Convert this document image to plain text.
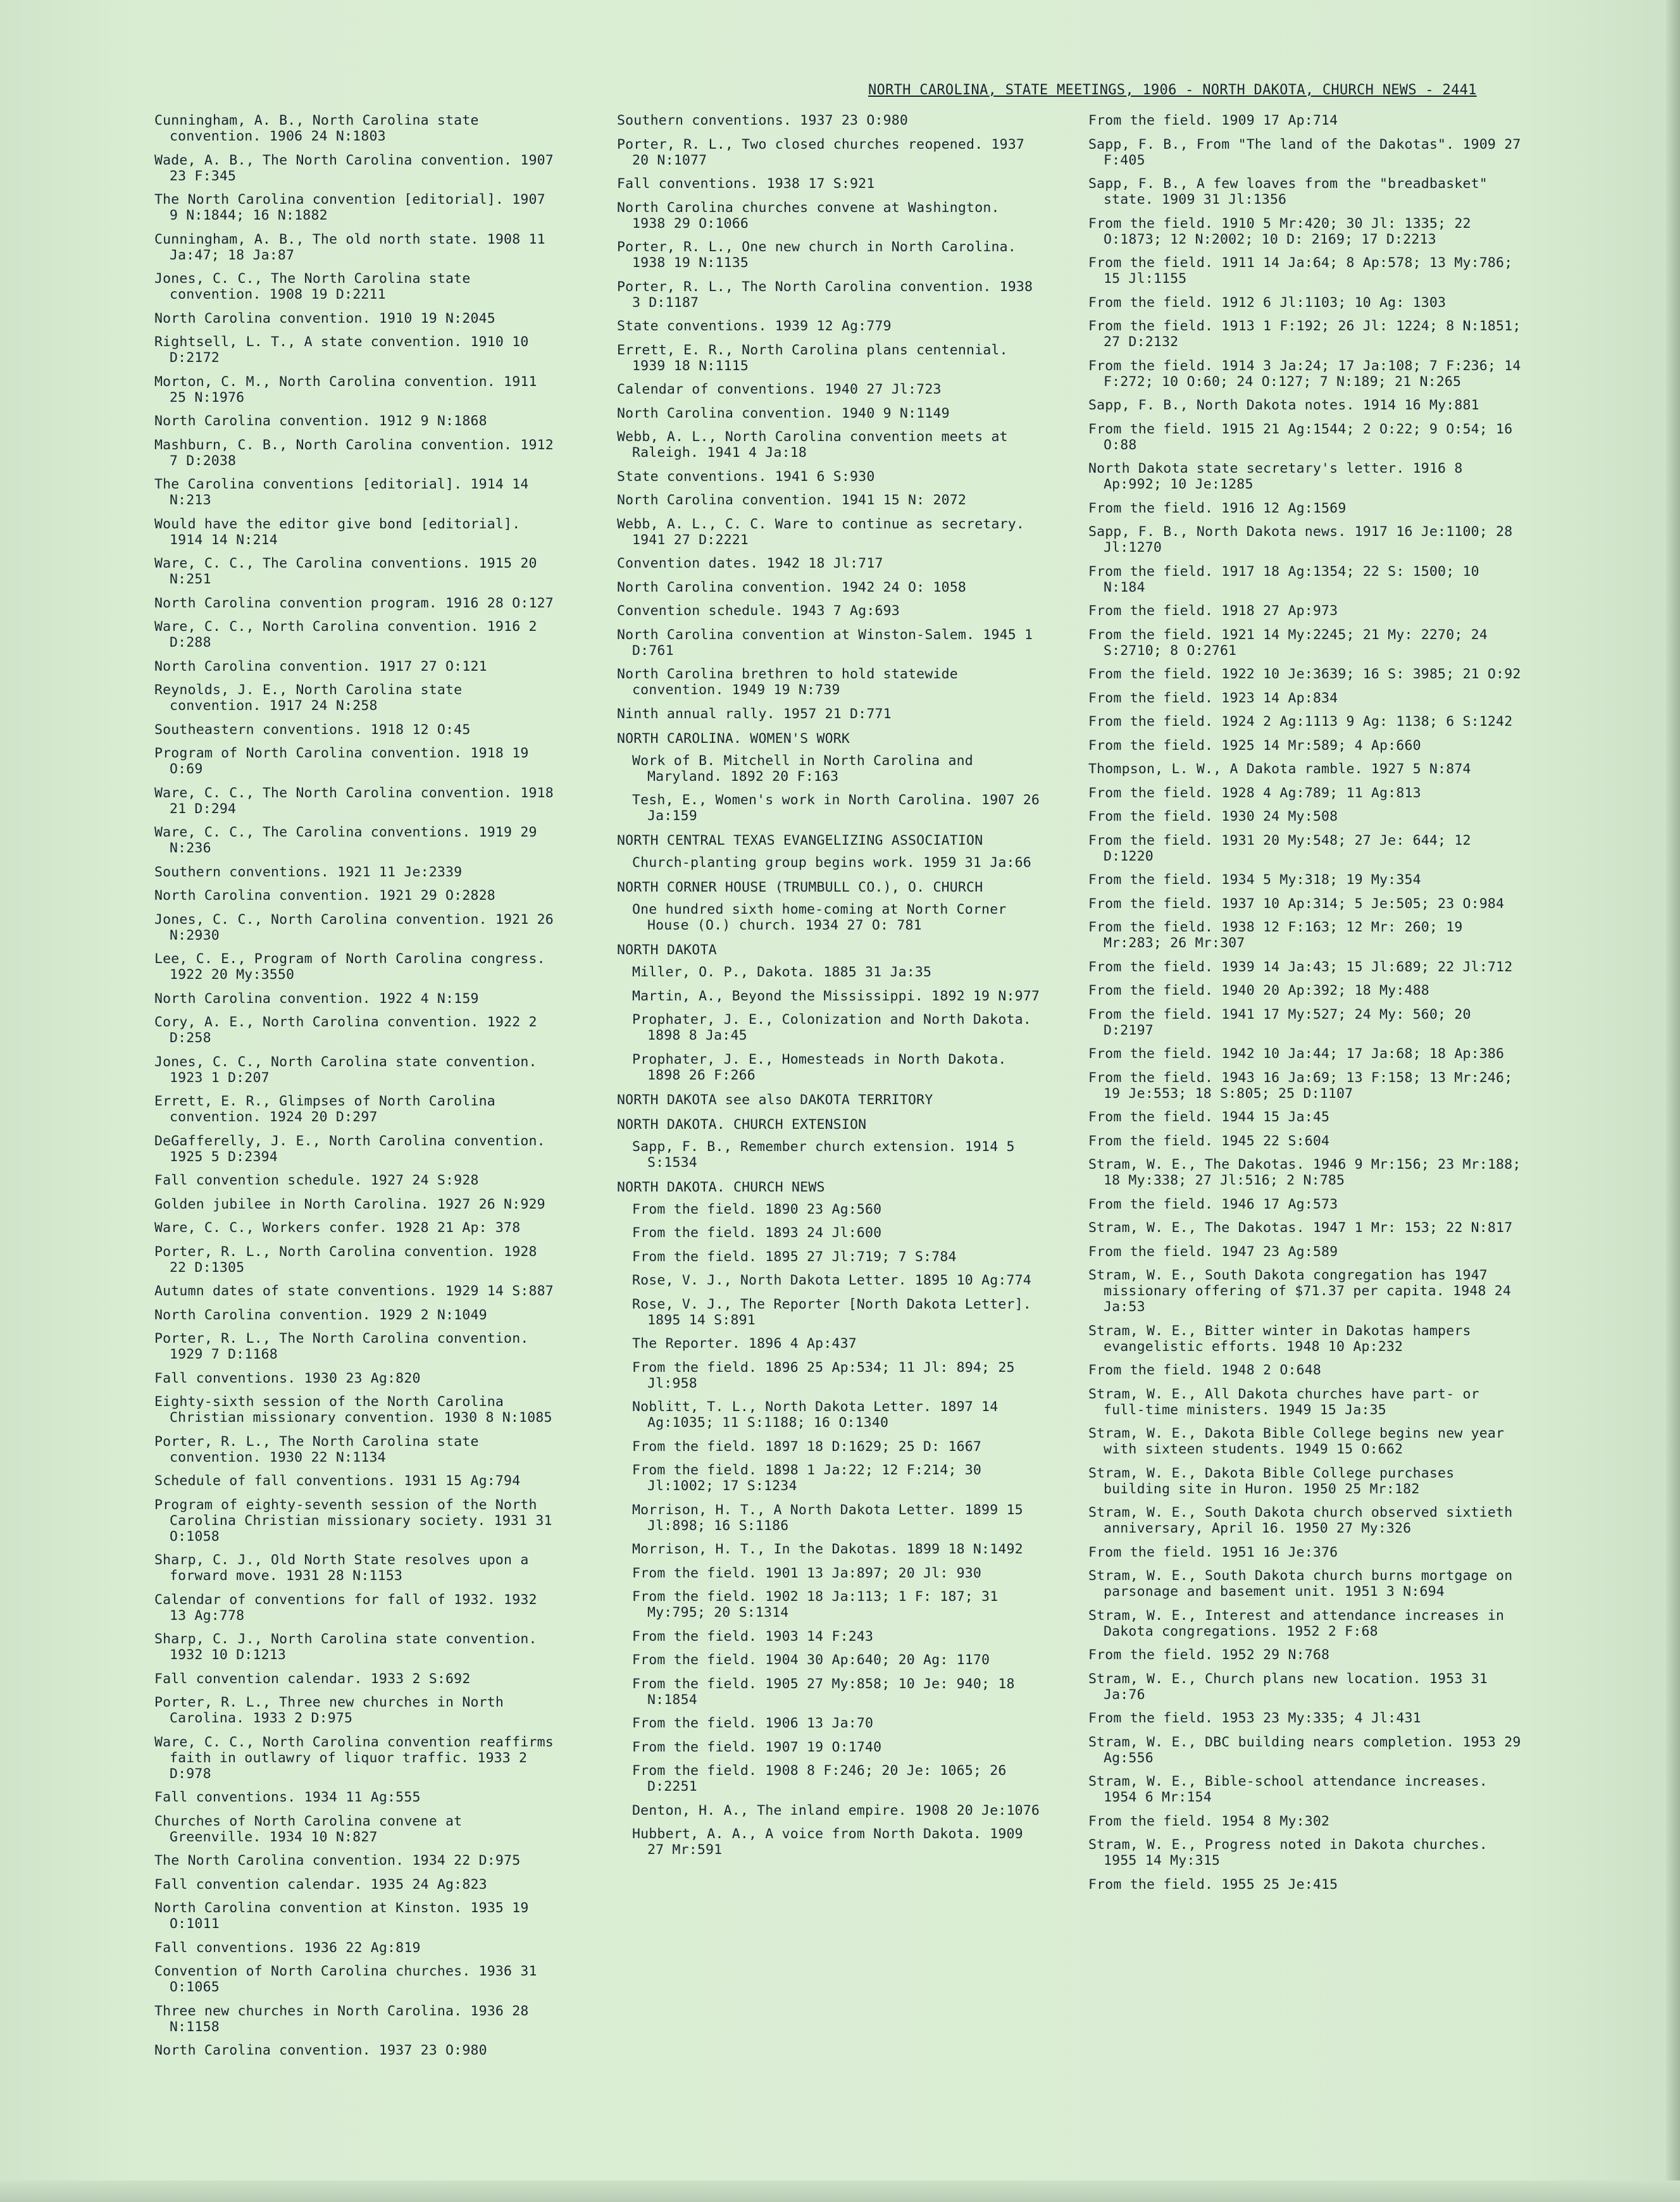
NORTH CAROLINA, STATE MEETINGS, 1906 - NORTH DAKOTA, CHURCH NEWS - 2441
Cunningham, A. B., North Carolina state convention. 1906 24 N:1803
Wade, A. B., The North Carolina convention. 1907 23 F:345
The North Carolina convention [editorial]. 1907 9 N:1844; 16 N:1882
Cunningham, A. B., The old north state. 1908 11 Ja:47; 18 Ja:87
Jones, C. C., The North Carolina state convention. 1908 19 D:2211
North Carolina convention. 1910 19 N:2045
Rightsell, L. T., A state convention. 1910 10 D:2172
Morton, C. M., North Carolina convention. 1911 25 N:1976
North Carolina convention. 1912 9 N:1868
Mashburn, C. B., North Carolina convention. 1912 7 D:2038
The Carolina conventions [editorial]. 1914 14 N:213
Would have the editor give bond [editorial]. 1914 14 N:214
Ware, C. C., The Carolina conventions. 1915 20 N:251
North Carolina convention program. 1916 28 O:127
Ware, C. C., North Carolina convention. 1916 2 D:288
North Carolina convention. 1917 27 O:121
Reynolds, J. E., North Carolina state convention. 1917 24 N:258
Southeastern conventions. 1918 12 O:45
Program of North Carolina convention. 1918 19 O:69
Ware, C. C., The North Carolina convention. 1918 21 D:294
Ware, C. C., The Carolina conventions. 1919 29 N:236
Southern conventions. 1921 11 Je:2339
North Carolina convention. 1921 29 O:2828
Jones, C. C., North Carolina convention. 1921 26 N:2930
Lee, C. E., Program of North Carolina congress. 1922 20 My:3550
North Carolina convention. 1922 4 N:159
Cory, A. E., North Carolina convention. 1922 2 D:258
Jones, C. C., North Carolina state convention. 1923 1 D:207
Errett, E. R., Glimpses of North Carolina convention. 1924 20 D:297
DeGafferelly, J. E., North Carolina convention. 1925 5 D:2394
Fall convention schedule. 1927 24 S:928
Golden jubilee in North Carolina. 1927 26 N:929
Ware, C. C., Workers confer. 1928 21 Ap: 378
Porter, R. L., North Carolina convention. 1928 22 D:1305
Autumn dates of state conventions. 1929 14 S:887
North Carolina convention. 1929 2 N:1049
Porter, R. L., The North Carolina convention. 1929 7 D:1168
Fall conventions. 1930 23 Ag:820
Eighty-sixth session of the North Carolina Christian missionary convention. 1930 8 N:1085
Porter, R. L., The North Carolina state convention. 1930 22 N:1134
Schedule of fall conventions. 1931 15 Ag:794
Program of eighty-seventh session of the North Carolina Christian missionary society. 1931 31 O:1058
Sharp, C. J., Old North State resolves upon a forward move. 1931 28 N:1153
Calendar of conventions for fall of 1932. 1932 13 Ag:778
Sharp, C. J., North Carolina state convention. 1932 10 D:1213
Fall convention calendar. 1933 2 S:692
Porter, R. L., Three new churches in North Carolina. 1933 2 D:975
Ware, C. C., North Carolina convention reaffirms faith in outlawry of liquor traffic. 1933 2 D:978
Fall conventions. 1934 11 Ag:555
Churches of North Carolina convene at Greenville. 1934 10 N:827
The North Carolina convention. 1934 22 D:975
Fall convention calendar. 1935 24 Ag:823
North Carolina convention at Kinston. 1935 19 O:1011
Fall conventions. 1936 22 Ag:819
Convention of North Carolina churches. 1936 31 O:1065
Three new churches in North Carolina. 1936 28 N:1158
North Carolina convention. 1937 23 O:980
Southern conventions. 1937 23 O:980
Porter, R. L., Two closed churches reopened. 1937 20 N:1077
Fall conventions. 1938 17 S:921
North Carolina churches convene at Washington. 1938 29 O:1066
Porter, R. L., One new church in North Carolina. 1938 19 N:1135
Porter, R. L., The North Carolina convention. 1938 3 D:1187
State conventions. 1939 12 Ag:779
Errett, E. R., North Carolina plans centennial. 1939 18 N:1115
Calendar of conventions. 1940 27 Jl:723
North Carolina convention. 1940 9 N:1149
Webb, A. L., North Carolina convention meets at Raleigh. 1941 4 Ja:18
State conventions. 1941 6 S:930
North Carolina convention. 1941 15 N: 2072
Webb, A. L., C. C. Ware to continue as secretary. 1941 27 D:2221
Convention dates. 1942 18 Jl:717
North Carolina convention. 1942 24 O: 1058
Convention schedule. 1943 7 Ag:693
North Carolina convention at Winston-Salem. 1945 1 D:761
North Carolina brethren to hold statewide convention. 1949 19 N:739
Ninth annual rally. 1957 21 D:771
NORTH CAROLINA. WOMEN'S WORK
Work of B. Mitchell in North Carolina and Maryland. 1892 20 F:163
Tesh, E., Women's work in North Carolina. 1907 26 Ja:159
NORTH CENTRAL TEXAS EVANGELIZING ASSOCIATION
Church-planting group begins work. 1959 31 Ja:66
NORTH CORNER HOUSE (TRUMBULL CO.), O. CHURCH
One hundred sixth home-coming at North Corner House (O.) church. 1934 27 O: 781
NORTH DAKOTA
Miller, O. P., Dakota. 1885 31 Ja:35
Martin, A., Beyond the Mississippi. 1892 19 N:977
Prophater, J. E., Colonization and North Dakota. 1898 8 Ja:45
Prophater, J. E., Homesteads in North Dakota. 1898 26 F:266
NORTH DAKOTA see also DAKOTA TERRITORY
NORTH DAKOTA. CHURCH EXTENSION
Sapp, F. B., Remember church extension. 1914 5 S:1534
NORTH DAKOTA. CHURCH NEWS
From the field. 1890 23 Ag:560
From the field. 1893 24 Jl:600
From the field. 1895 27 Jl:719; 7 S:784
Rose, V. J., North Dakota Letter. 1895 10 Ag:774
Rose, V. J., The Reporter [North Dakota Letter]. 1895 14 S:891
The Reporter. 1896 4 Ap:437
From the field. 1896 25 Ap:534; 11 Jl: 894; 25 Jl:958
Noblitt, T. L., North Dakota Letter. 1897 14 Ag:1035; 11 S:1188; 16 O:1340
From the field. 1897 18 D:1629; 25 D: 1667
From the field. 1898 1 Ja:22; 12 F:214; 30 Jl:1002; 17 S:1234
Morrison, H. T., A North Dakota Letter. 1899 15 Jl:898; 16 S:1186
Morrison, H. T., In the Dakotas. 1899 18 N:1492
From the field. 1901 13 Ja:897; 20 Jl: 930
From the field. 1902 18 Ja:113; 1 F: 187; 31 My:795; 20 S:1314
From the field. 1903 14 F:243
From the field. 1904 30 Ap:640; 20 Ag: 1170
From the field. 1905 27 My:858; 10 Je: 940; 18 N:1854
From the field. 1906 13 Ja:70
From the field. 1907 19 O:1740
From the field. 1908 8 F:246; 20 Je: 1065; 26 D:2251
Denton, H. A., The inland empire. 1908 20 Je:1076
Hubbert, A. A., A voice from North Dakota. 1909 27 Mr:591
From the field. 1909 17 Ap:714
Sapp, F. B., From "The land of the Dakotas". 1909 27 F:405
Sapp, F. B., A few loaves from the "breadbasket" state. 1909 31 Jl:1356
From the field. 1910 5 Mr:420; 30 Jl: 1335; 22 O:1873; 12 N:2002; 10 D: 2169; 17 D:2213
From the field. 1911 14 Ja:64; 8 Ap:578; 13 My:786; 15 Jl:1155
From the field. 1912 6 Jl:1103; 10 Ag: 1303
From the field. 1913 1 F:192; 26 Jl: 1224; 8 N:1851; 27 D:2132
From the field. 1914 3 Ja:24; 17 Ja:108; 7 F:236; 14 F:272; 10 O:60; 24 O:127; 7 N:189; 21 N:265
Sapp, F. B., North Dakota notes. 1914 16 My:881
From the field. 1915 21 Ag:1544; 2 O:22; 9 O:54; 16 O:88
North Dakota state secretary's letter. 1916 8 Ap:992; 10 Je:1285
From the field. 1916 12 Ag:1569
Sapp, F. B., North Dakota news. 1917 16 Je:1100; 28 Jl:1270
From the field. 1917 18 Ag:1354; 22 S: 1500; 10 N:184
From the field. 1918 27 Ap:973
From the field. 1921 14 My:2245; 21 My: 2270; 24 S:2710; 8 O:2761
From the field. 1922 10 Je:3639; 16 S: 3985; 21 O:92
From the field. 1923 14 Ap:834
From the field. 1924 2 Ag:1113 9 Ag: 1138; 6 S:1242
From the field. 1925 14 Mr:589; 4 Ap:660
Thompson, L. W., A Dakota ramble. 1927 5 N:874
From the field. 1928 4 Ag:789; 11 Ag:813
From the field. 1930 24 My:508
From the field. 1931 20 My:548; 27 Je: 644; 12 D:1220
From the field. 1934 5 My:318; 19 My:354
From the field. 1937 10 Ap:314; 5 Je:505; 23 O:984
From the field. 1938 12 F:163; 12 Mr: 260; 19 Mr:283; 26 Mr:307
From the field. 1939 14 Ja:43; 15 Jl:689; 22 Jl:712
From the field. 1940 20 Ap:392; 18 My:488
From the field. 1941 17 My:527; 24 My: 560; 20 D:2197
From the field. 1942 10 Ja:44; 17 Ja:68; 18 Ap:386
From the field. 1943 16 Ja:69; 13 F:158; 13 Mr:246; 19 Je:553; 18 S:805; 25 D:1107
From the field. 1944 15 Ja:45
From the field. 1945 22 S:604
Stram, W. E., The Dakotas. 1946 9 Mr:156; 23 Mr:188; 18 My:338; 27 Jl:516; 2 N:785
From the field. 1946 17 Ag:573
Stram, W. E., The Dakotas. 1947 1 Mr: 153; 22 N:817
From the field. 1947 23 Ag:589
Stram, W. E., South Dakota congregation has 1947 missionary offering of $71.37 per capita. 1948 24 Ja:53
Stram, W. E., Bitter winter in Dakotas hampers evangelistic efforts. 1948 10 Ap:232
From the field. 1948 2 O:648
Stram, W. E., All Dakota churches have part- or full-time ministers. 1949 15 Ja:35
Stram, W. E., Dakota Bible College begins new year with sixteen students. 1949 15 O:662
Stram, W. E., Dakota Bible College purchases building site in Huron. 1950 25 Mr:182
Stram, W. E., South Dakota church observed sixtieth anniversary, April 16. 1950 27 My:326
From the field. 1951 16 Je:376
Stram, W. E., South Dakota church burns mortgage on parsonage and basement unit. 1951 3 N:694
Stram, W. E., Interest and attendance increases in Dakota congregations. 1952 2 F:68
From the field. 1952 29 N:768
Stram, W. E., Church plans new location. 1953 31 Ja:76
From the field. 1953 23 My:335; 4 Jl:431
Stram, W. E., DBC building nears completion. 1953 29 Ag:556
Stram, W. E., Bible-school attendance increases. 1954 6 Mr:154
From the field. 1954 8 My:302
Stram, W. E., Progress noted in Dakota churches. 1955 14 My:315
From the field. 1955 25 Je:415
